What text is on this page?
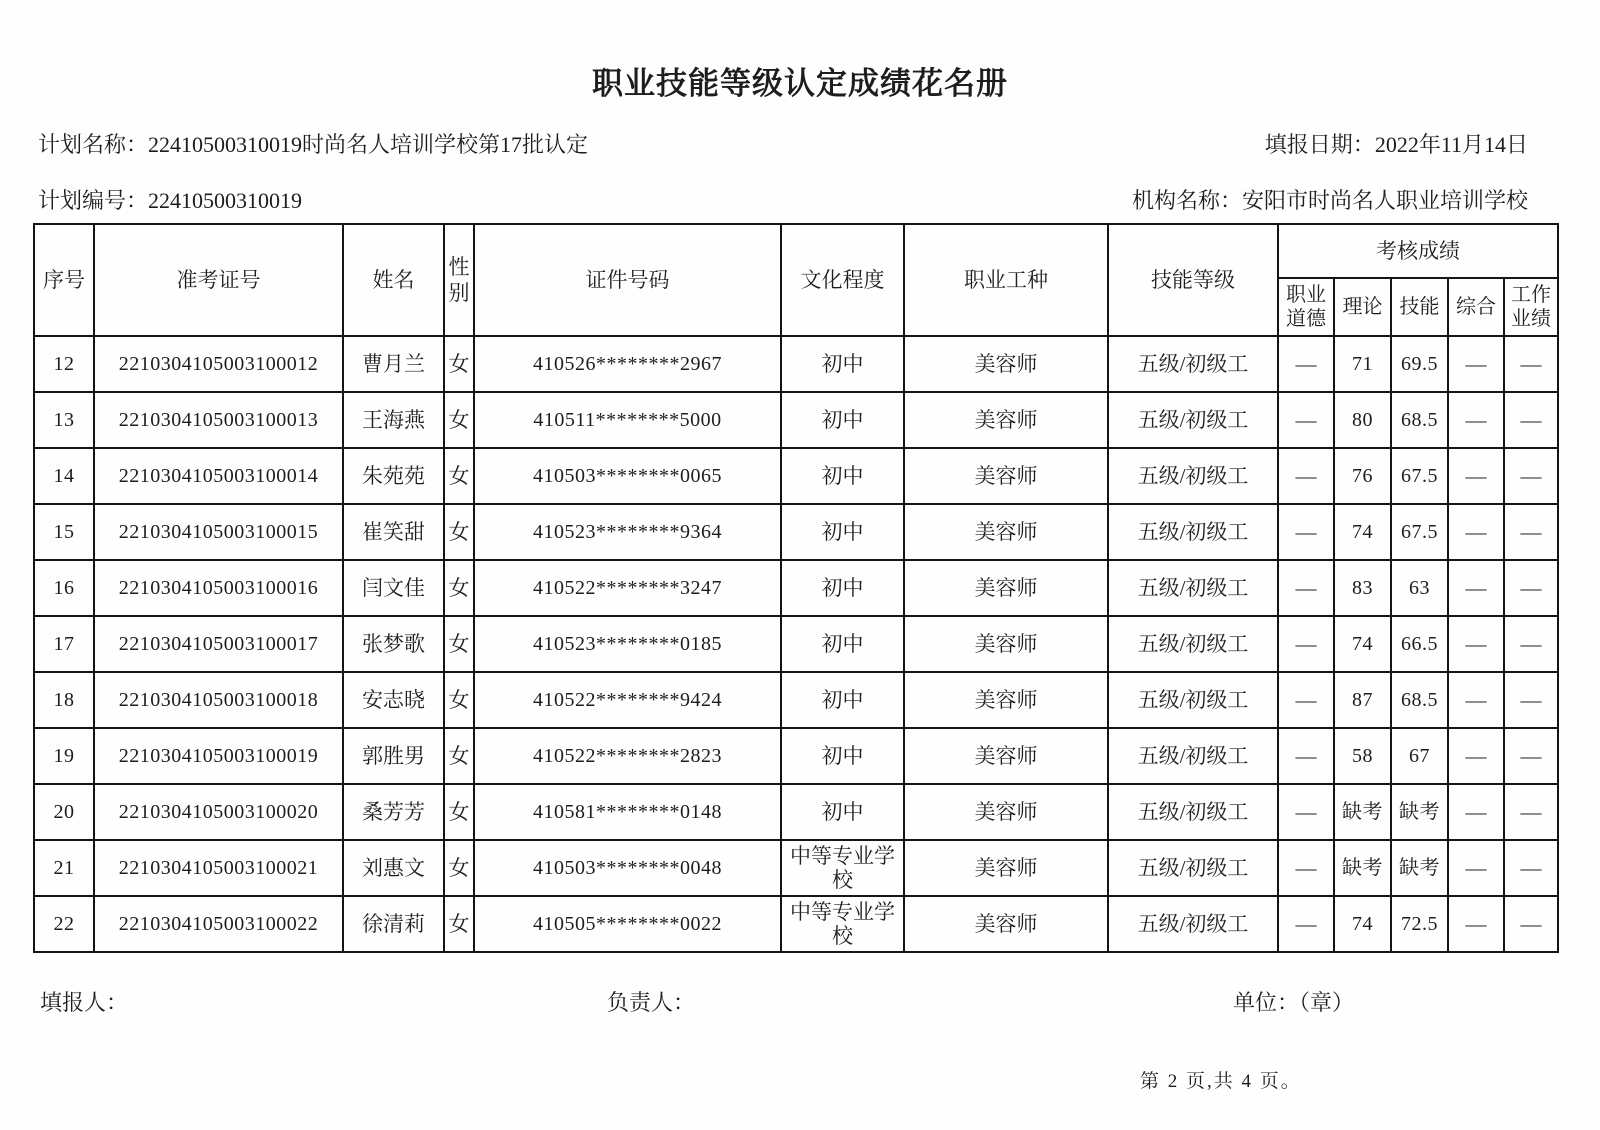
职业技能等级认定成绩花名册
计划名称：22410500310019时尚名人培训学校第17批认定	填报日期：2022年11月14日
计划编号：22410500310019	机构名称：安阳市时尚名人职业培训学校
序号	准考证号	姓名	性别	证件号码	文化程度	职业工种	技能等级	考核成绩				
								职业道德	理论	技能	综合	工作业绩
12	2210304105003100012	曹月兰	女	410526********2967	初中	美容师	五级/初级工	—	71	69.5	—	—
13	2210304105003100013	王海燕	女	410511********5000	初中	美容师	五级/初级工	—	80	68.5	—	—
14	2210304105003100014	朱苑苑	女	410503********0065	初中	美容师	五级/初级工	—	76	67.5	—	—
15	2210304105003100015	崔笑甜	女	410523********9364	初中	美容师	五级/初级工	—	74	67.5	—	—
16	2210304105003100016	闫文佳	女	410522********3247	初中	美容师	五级/初级工	—	83	63	—	—
17	2210304105003100017	张梦歌	女	410523********0185	初中	美容师	五级/初级工	—	74	66.5	—	—
18	2210304105003100018	安志晓	女	410522********9424	初中	美容师	五级/初级工	—	87	68.5	—	—
19	2210304105003100019	郭胜男	女	410522********2823	初中	美容师	五级/初级工	—	58	67	—	—
20	2210304105003100020	桑芳芳	女	410581********0148	初中	美容师	五级/初级工	—	缺考	缺考	—	—
21	2210304105003100021	刘惠文	女	410503********0048	中等专业学校	美容师	五级/初级工	—	缺考	缺考	—	—
22	2210304105003100022	徐清莉	女	410505********0022	中等专业学校	美容师	五级/初级工	—	74	72.5	—	—
填报人：	负责人：	单位：（章）
第 2 页,共 4 页。
